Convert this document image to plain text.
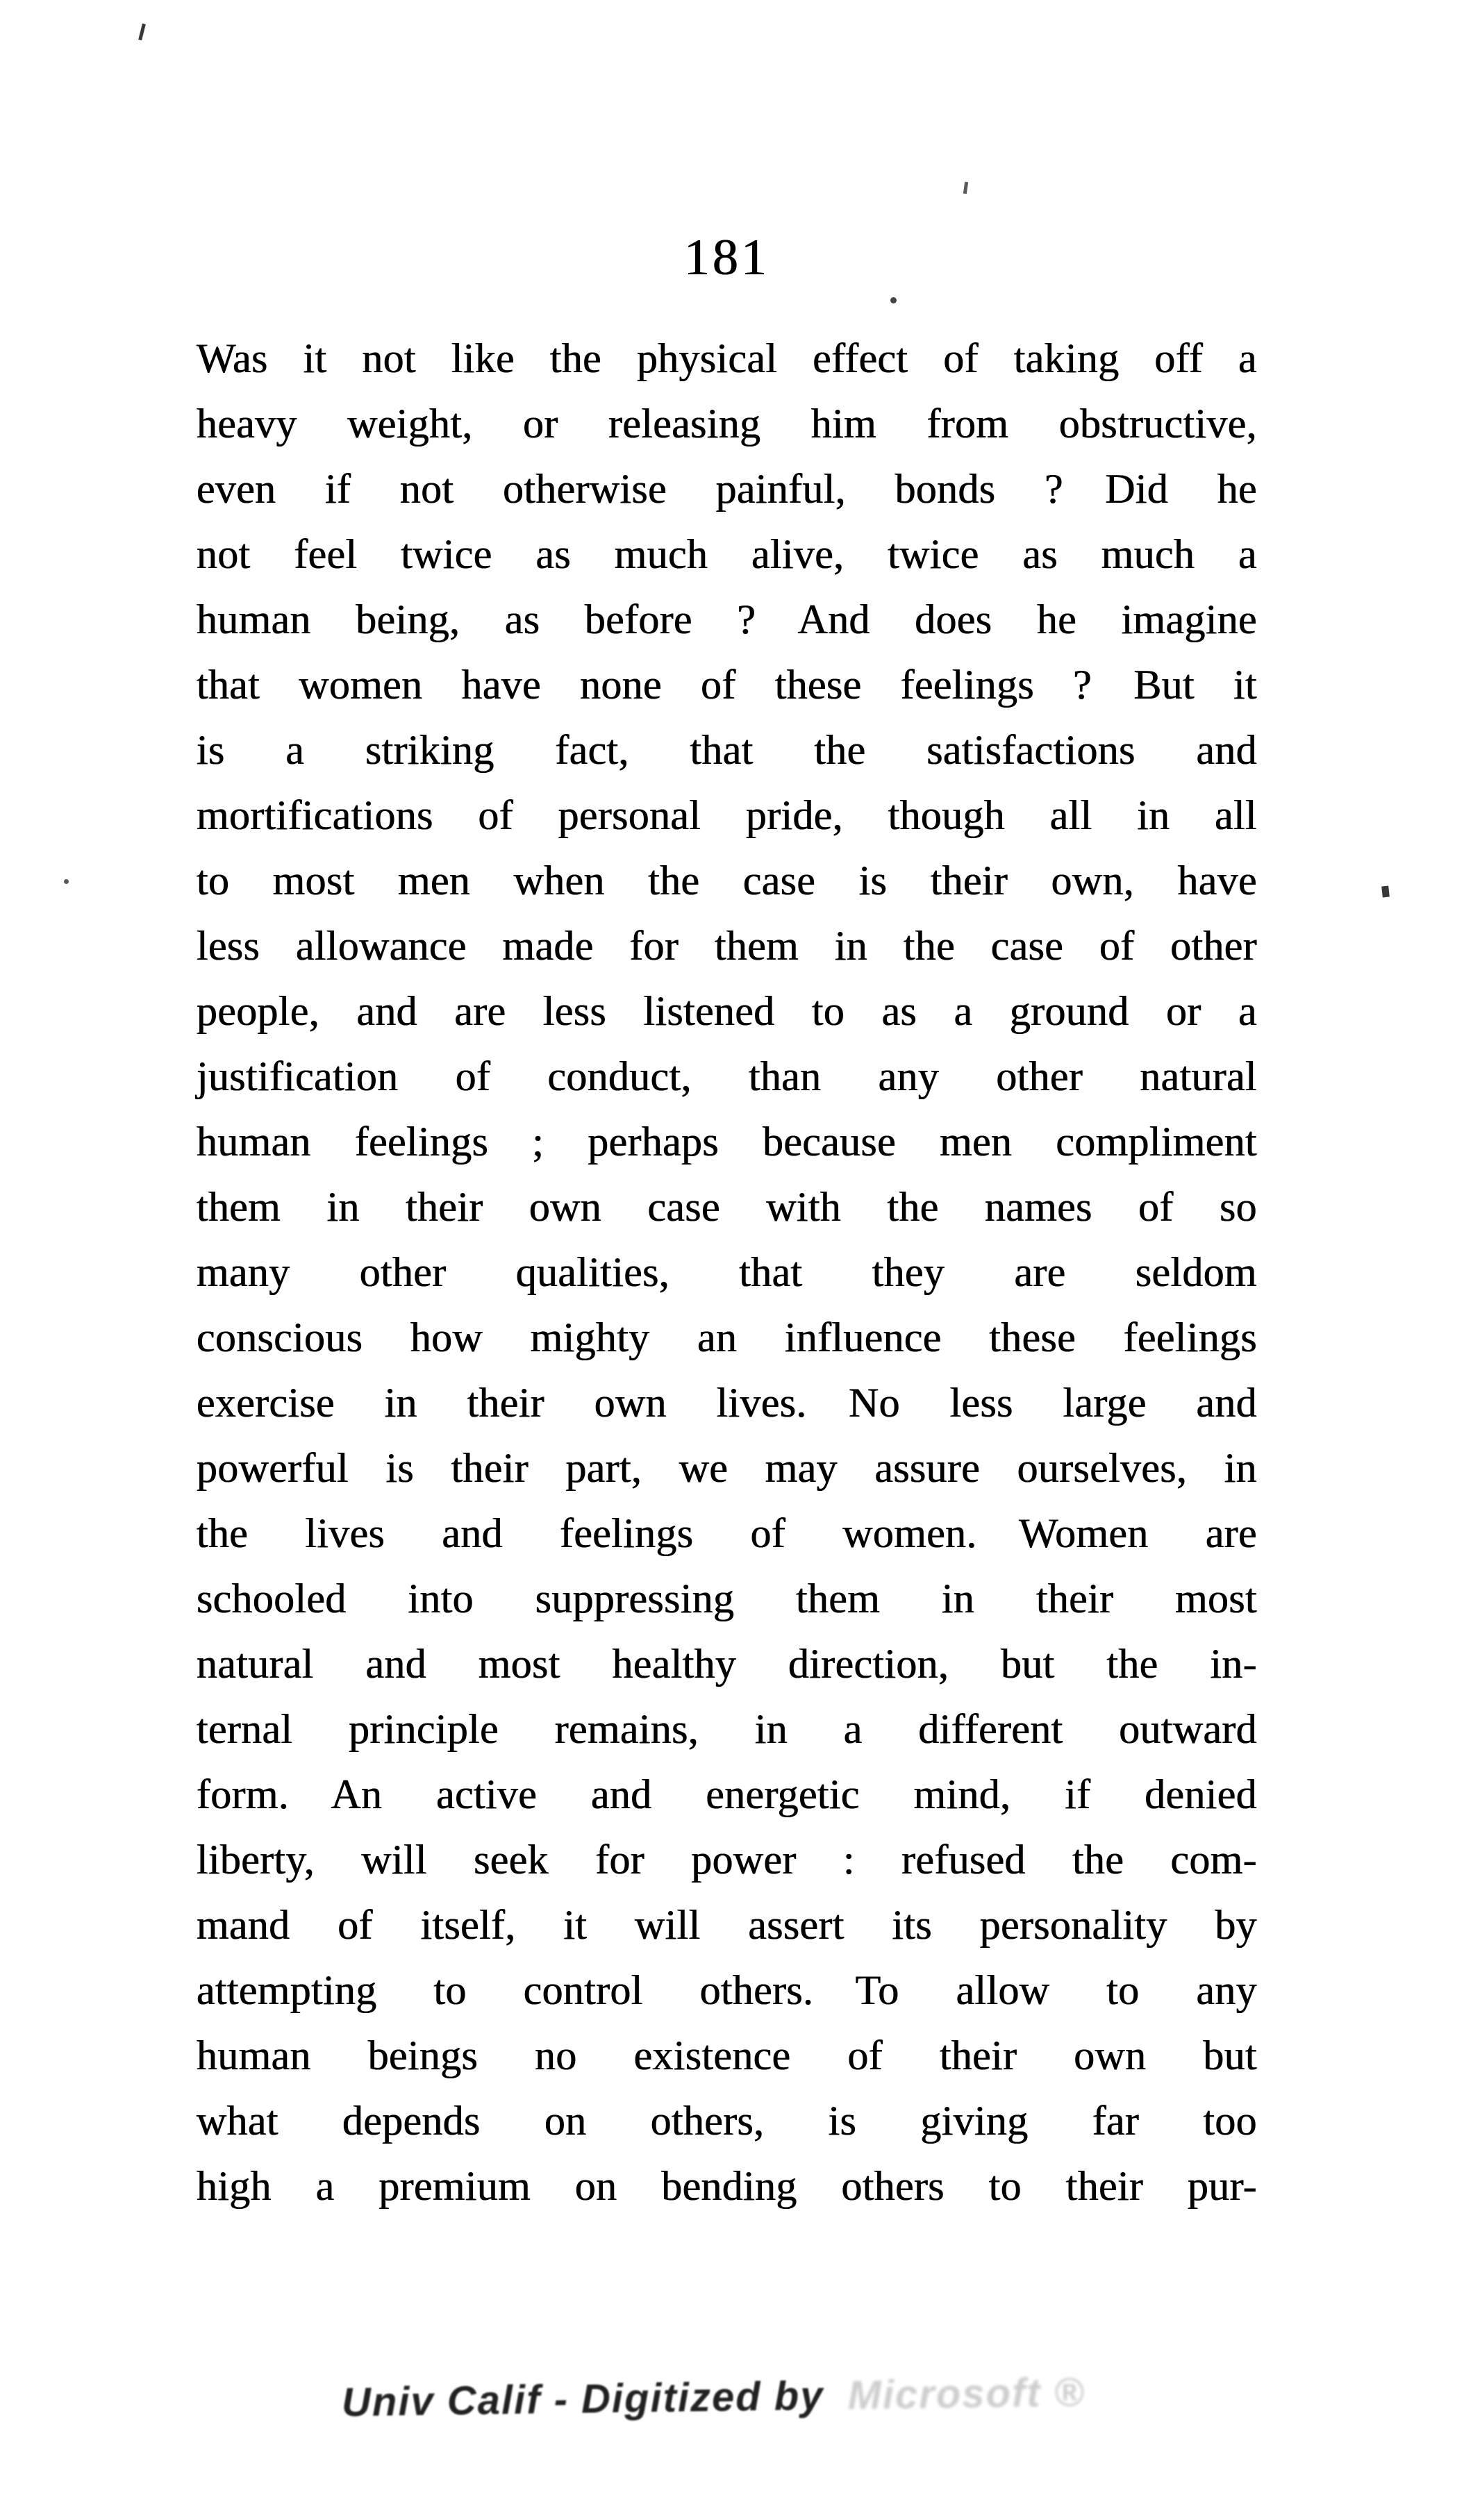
181
Was it not like the physical effect of taking off a
heavy weight, or releasing him from obstructive,
even if not otherwise painful, bonds ? Did he
not feel twice as much alive, twice as much a
human being, as before ? And does he imagine
that women have none of these feelings ? But it
is a striking fact, that the satisfactions and
mortifications of personal pride, though all in all
to most men when the case is their own, have
less allowance made for them in the case of other
people, and are less listened to as a ground or a
justification of conduct, than any other natural
human feelings ; perhaps because men compliment
them in their own case with the names of so
many other qualities, that they are seldom
conscious how mighty an influence these feelings
exercise in their own lives. No less large and
powerful is their part, we may assure ourselves, in
the lives and feelings of women. Women are
schooled into suppressing them in their most
natural and most healthy direction, but the in-
ternal principle remains, in a different outward
form. An active and energetic mind, if denied
liberty, will seek for power : refused the com-
mand of itself, it will assert its personality by
attempting to control others. To allow to any
human beings no existence of their own but
what depends on others, is giving far too
high a premium on bending others to their pur-
Univ Calif - Digitized by Microsoft ®
